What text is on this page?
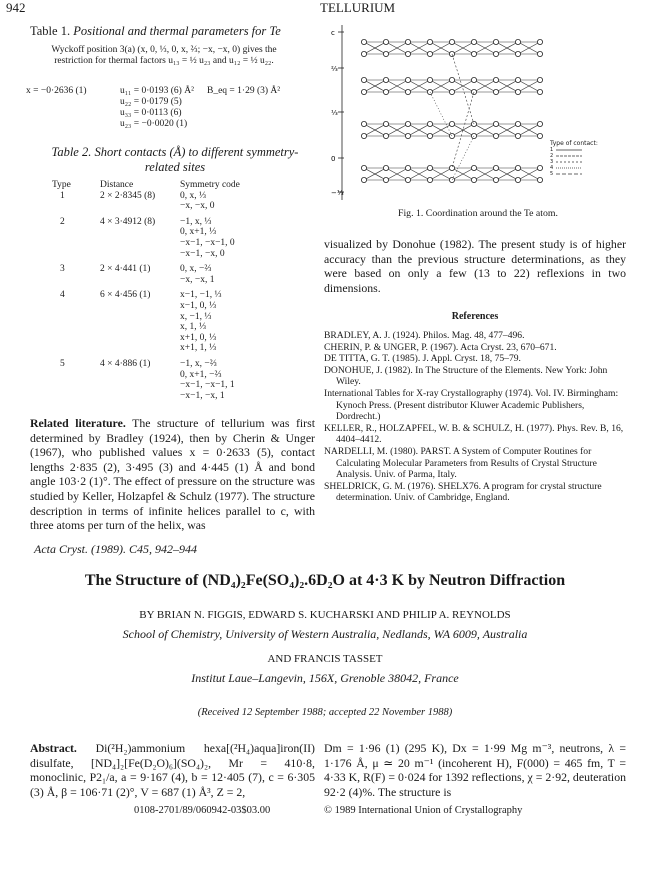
942	TELLURIUM
Table 1. Positional and thermal parameters for Te
Wyckoff position 3(a) (x, 0, ⅓, 0, x, ⅔; −x, −x, 0) gives the
restriction for thermal factors u₁₃ = ½ u₂₃ and u₁₂ = ½ u₂₂.
x = −0·2636 (1)	u₁₁ = 0·0193 (6) Å²
u₂₂ = 0·0179 (5)
u₃₃ = 0·0113 (6)
u₂₃ = −0·0020 (1)
B_eq = 1·29 (3) Å²
Table 2. Short contacts (Å) to different symmetry-
related sites
Type	Distance	Symmetry code
1	2 × 2·8345 (8)	0, x, ⅓
		−x, −x, 0

2	4 × 3·4912 (8)	−1, x, ⅓
		0, x+1, ⅓
		−x−1, −x−1, 0
		−x−1, −x, 0

3	2 × 4·441 (1)	0, x, −⅔
		−x, −x, 1

4	6 × 4·456 (1)	x−1, −1, ⅓
		x−1, 0, ⅓
		x, −1, ⅓
		x, 1, ⅓
		x+1, 0, ⅓
		x+1, 1, ⅓

5	4 × 4·886 (1)	−1, x, −⅔
		0, x+1, −⅔
		−x−1, −x−1, 1
		−x−1, −x, 1

Related literature. The structure of tellurium was first determined by Bradley (1924), then by Cherin & Unger (1967), who published values x = 0·2633 (5), contact lengths 2·835 (2), 3·495 (3) and 4·445 (1) Å and bond angle 103·2 (1)°. The effect of pressure on the structure was studied by Keller, Holzapfel & Schulz (1977). The structure description in terms of infinite helices parallel to c, with three atoms per turn of the helix, was
c
⅔
⅓
0
−⅓
Type of contact:
1
2
3
4
5
Fig. 1. Coordination around the Te atom.
visualized by Donohue (1982). The present study is of higher accuracy than the previous structure determinations, as they were based on only a few (13 to 22) reflexions in two dimensions.
References

BRADLEY, A. J. (1924). Philos. Mag. 48, 477–496.

CHERIN, P. & UNGER, P. (1967). Acta Cryst. 23, 670–671.

DE TITTA, G. T. (1985). J. Appl. Cryst. 18, 75–79.

DONOHUE, J. (1982). In The Structure of the Elements. New York: John Wiley.

International Tables for X-ray Crystallography (1974). Vol. IV. Birmingham: Kynoch Press. (Present distributor Kluwer Academic Publishers, Dordrecht.)

KELLER, R., HOLZAPFEL, W. B. & SCHULZ, H. (1977). Phys. Rev. B, 16, 4404–4412.

NARDELLI, M. (1980). PARST. A System of Computer Routines for Calculating Molecular Parameters from Results of Crystal Structure Analysis. Univ. of Parma, Italy.

SHELDRICK, G. M. (1976). SHELX76. A program for crystal structure determination. Univ. of Cambridge, England.

Acta Cryst. (1989). C45, 942–944
The Structure of (ND₄)₂Fe(SO₄)₂.6D₂O at 4·3 K by Neutron Diffraction
BY BRIAN N. FIGGIS, EDWARD S. KUCHARSKI AND PHILIP A. REYNOLDS
School of Chemistry, University of Western Australia, Nedlands, WA 6009, Australia
AND FRANCIS TASSET
Institut Laue–Langevin, 156X, Grenoble 38042, France
(Received 12 September 1988; accepted 22 November 1988)
Abstract. Di(²H₂)ammonium hexa[(²H₄)aqua]iron(II) disulfate, [ND₄]₂[Fe(D₂O)₆](SO₄)₂, Mr = 410·8, monoclinic, P2₁/a, a = 9·167 (4), b = 12·405 (7), c = 6·305 (3) Å, β = 106·71 (2)°, V = 687 (1) Å³, Z = 2,
Dm = 1·96 (1) (295 K), Dx = 1·99 Mg m⁻³, neutrons, λ = 1·176 Å, μ ≃ 20 m⁻¹ (incoherent H), F(000) = 465 fm, T = 4·33 K, R(F) = 0·024 for 1392 reflections, χ = 2·92, deuteration 92·2 (4)%. The structure is
0108-2701/89/060942-03$03.00	© 1989 International Union of Crystallography
